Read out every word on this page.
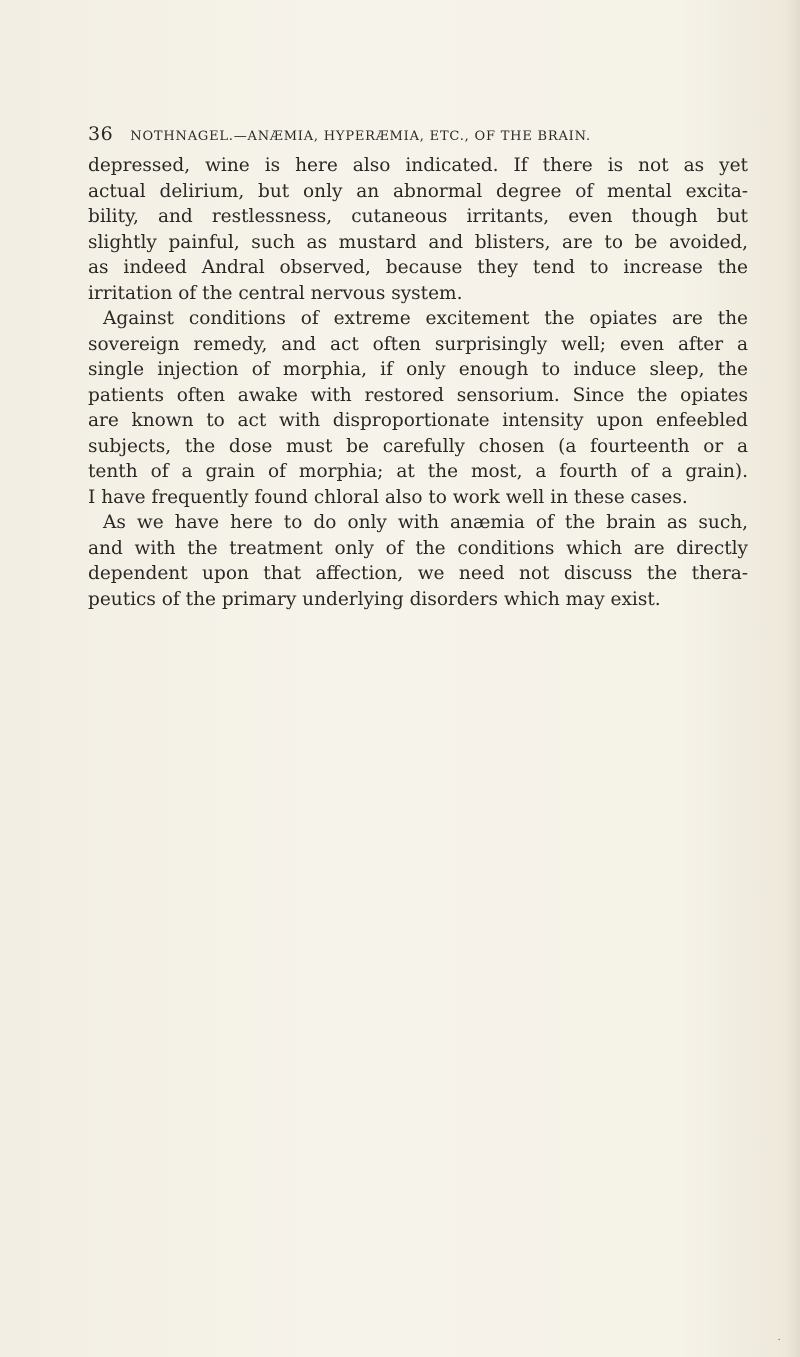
36 NOTHNAGEL.—ANÆMIA, HYPERÆMIA, ETC., OF THE BRAIN.
depressed, wine is here also indicated. If there is not as yet
actual delirium, but only an abnormal degree of mental excita-
bility, and restlessness, cutaneous irritants, even though but
slightly painful, such as mustard and blisters, are to be avoided,
as indeed Andral observed, because they tend to increase the
irritation of the central nervous system.
Against conditions of extreme excitement the opiates are the
sovereign remedy, and act often surprisingly well; even after a
single injection of morphia, if only enough to induce sleep, the
patients often awake with restored sensorium. Since the opiates
are known to act with disproportionate intensity upon enfeebled
subjects, the dose must be carefully chosen (a fourteenth or a
tenth of a grain of morphia; at the most, a fourth of a grain).
I have frequently found chloral also to work well in these cases.
As we have here to do only with anæmia of the brain as such,
and with the treatment only of the conditions which are directly
dependent upon that affection, we need not discuss the thera-
peutics of the primary underlying disorders which may exist.
·
